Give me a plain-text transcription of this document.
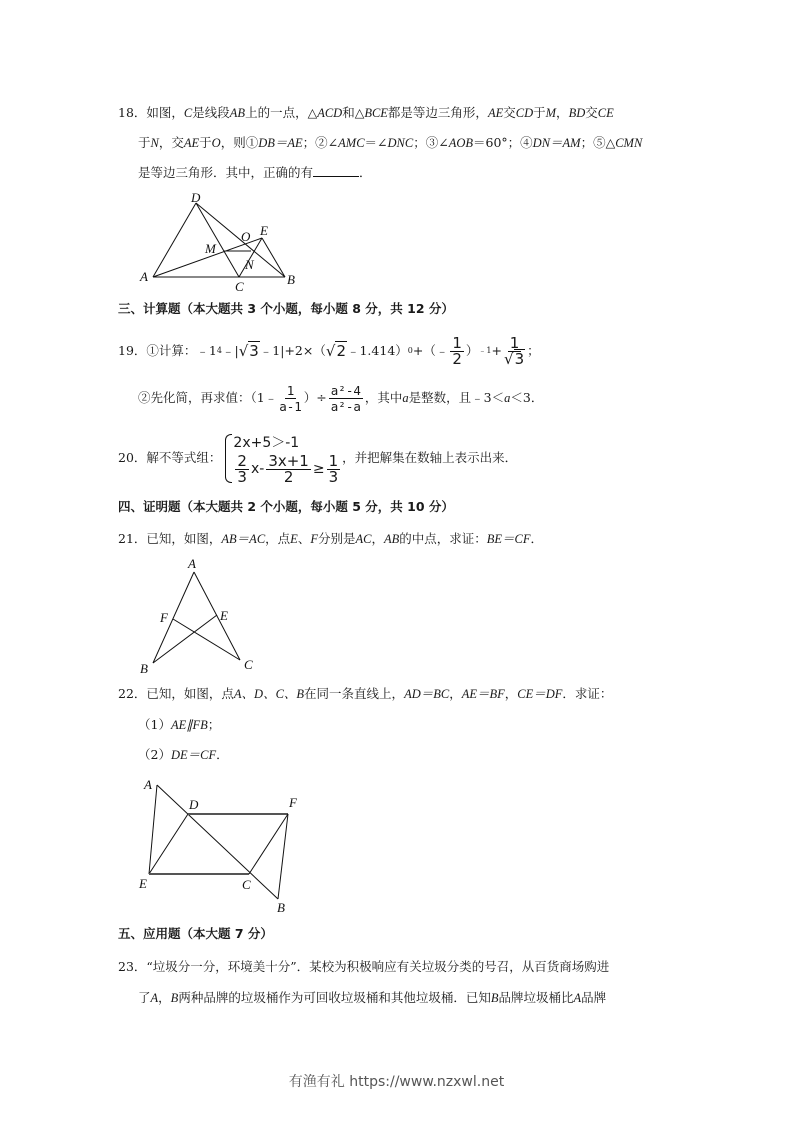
18．如图，C是线段AB上的一点，△ACD和△BCE都是等边三角形，AE交CD于M，BD交CE
于N，交AE于O，则①DB＝AE；②∠AMC＝∠DNC；③∠AOB＝60°；④DN＝AM；⑤△CMN
是等边三角形．其中，正确的有	．
D
O E
M
N
A
C	B
三、计算题（本大题共 3 个小题，每小题 8 分，共 12 分）
19． ①计算： ﹣1 4 ﹣| √3 ﹣1|+2×（ √2 ﹣1.414） 0 +（﹣ $\frac{1}{2}$ ） ﹣1 + $\frac{1}{√3}$ ；
②先化简，再求值：（1﹣ $\frac{1}{a-1}$ ）÷ $\frac{\text{a²-4}}{\text{a²-a}}$ ，其中 a 是整数，且﹣3＜ a ＜3．
20． 解不等式组：
2x+5＞-1
$\frac{2}{3} x- \frac{3x+1}{2} \ge \frac{1}{3}$ ，并把解集在数轴上表示出来．
四、证明题（本大题共 2 个小题，每小题 5 分，共 10 分）
21．已知，如图，AB＝AC，点E、F分别是AC，AB的中点，求证：BE＝CF．
A
F	E
B	C
22．已知，如图，点A、D、C、B在同一条直线上，AD＝BC，AE＝BF，CE＝DF．求证：
（1）AE∥FB；
（2）DE＝CF．
A
D	F
E	C
B
五、应用题（本大题 7 分）
23．“垃圾分一分，环境美十分”．某校为积极响应有关垃圾分类的号召，从百货商场购进
了A，B两种品牌的垃圾桶作为可回收垃圾桶和其他垃圾桶．已知B品牌垃圾桶比A品牌
有渔有礼 https://www.nzxwl.net
